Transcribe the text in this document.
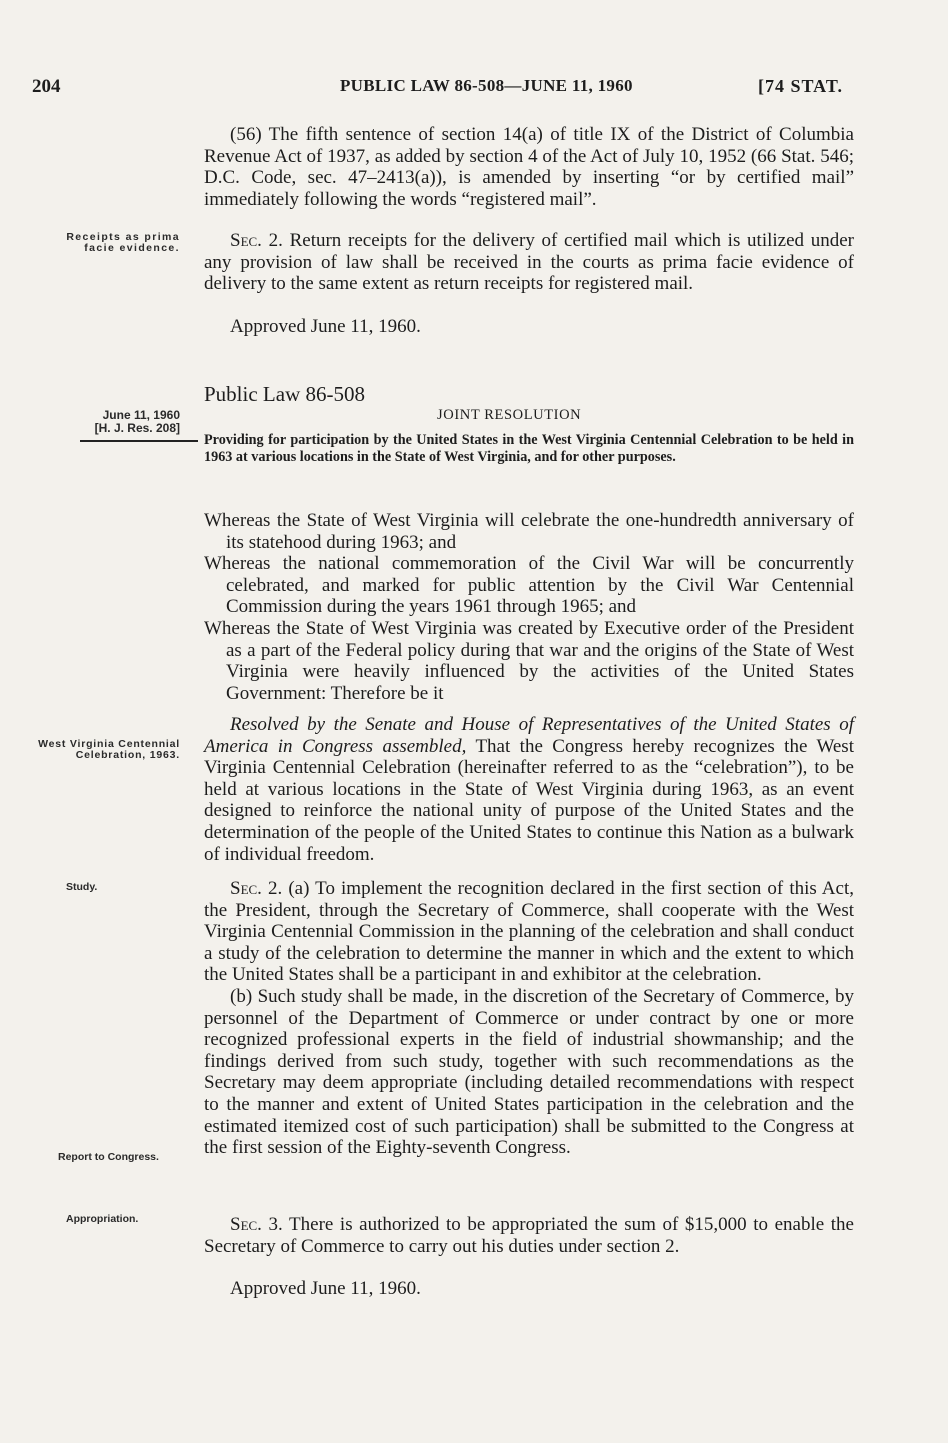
204	PUBLIC LAW 86-508—JUNE 11, 1960	[74 STAT.

(56) The fifth sentence of section 14(a) of title IX of the District of Columbia Revenue Act of 1937, as added by section 4 of the Act of July 10, 1952 (66 Stat. 546; D.C. Code, sec. 47–2413(a)), is amended by inserting “or by certified mail” immediately following the words “registered mail”.

Receipts as prima facie evidence.	Sec. 2. Return receipts for the delivery of certified mail which is utilized under any provision of law shall be received in the courts as prima facie evidence of delivery to the same extent as return receipts for registered mail.

Approved June 11, 1960.
Public Law 86-508
June 11, 1960
[H. J. Res. 208]
JOINT RESOLUTION
Providing for participation by the United States in the West Virginia Centennial Celebration to be held in 1963 at various locations in the State of West Virginia, and for other purposes.
Whereas the State of West Virginia will celebrate the one-hundredth anniversary of its statehood during 1963; and
Whereas the national commemoration of the Civil War will be concurrently celebrated, and marked for public attention by the Civil War Centennial Commission during the years 1961 through 1965; and
Whereas the State of West Virginia was created by Executive order of the President as a part of the Federal policy during that war and the origins of the State of West Virginia were heavily influenced by the activities of the United States Government: Therefore be it
West Virginia Centennial Celebration, 1963.

Resolved by the Senate and House of Representatives of the United States of America in Congress assembled, That the Congress hereby recognizes the West Virginia Centennial Celebration (hereinafter referred to as the “celebration”), to be held at various locations in the State of West Virginia during 1963, as an event designed to reinforce the national unity of purpose of the United States and the determination of the people of the United States to continue this Nation as a bulwark of individual freedom.

Study.	Sec. 2. (a) To implement the recognition declared in the first section of this Act, the President, through the Secretary of Commerce, shall cooperate with the West Virginia Centennial Commission in the planning of the celebration and shall conduct a study of the celebration to determine the manner in which and the extent to which the United States shall be a participant in and exhibitor at the celebration.

(b) Such study shall be made, in the discretion of the Secretary of Commerce, by personnel of the Department of Commerce or under contract by one or more recognized professional experts in the field of industrial showmanship; and the findings derived from such study, together with such recommendations as the Secretary may deem appropriate (including detailed recommendations with respect to the manner and extent of United States participation in the celebration and the estimated itemized cost of such participation) shall be submitted to the Congress at the first session of the Eighty-seventh Congress.

Report to Congress.
Appropriation.	Sec. 3. There is authorized to be appropriated the sum of $15,000 to enable the Secretary of Commerce to carry out his duties under section 2.

Approved June 11, 1960.
